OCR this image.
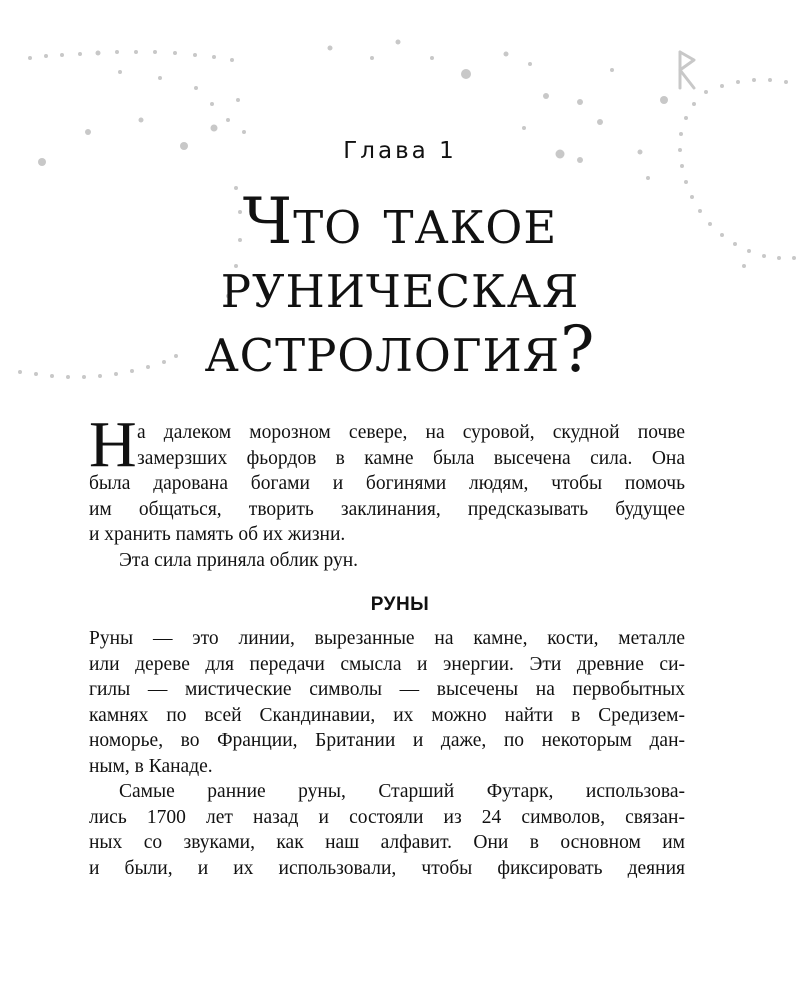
Глава 1
Что такое
руническая
астрология?
Н а далеком морозном севере, на суровой, скудной почве
замерзших фьордов в камне была высечена сила. Она
была дарована богами и богинями людям, чтобы помочь
им общаться, творить заклинания, предсказывать будущее
и хранить память об их жизни.
Эта сила приняла облик рун.
РУНЫ
Руны — это линии, вырезанные на камне, кости, металле
или дереве для передачи смысла и энергии. Эти древние си-
гилы — мистические символы — высечены на первобытных
камнях по всей Скандинавии, их можно найти в Средизем-
номорье, во Франции, Британии и даже, по некоторым дан-
ным, в Канаде.
Самые ранние руны, Старший Футарк, использова-
лись 1700 лет назад и состояли из 24 символов, связан-
ных со звуками, как наш алфавит. Они в основном им
и были, и их использовали, чтобы фиксировать деяния
